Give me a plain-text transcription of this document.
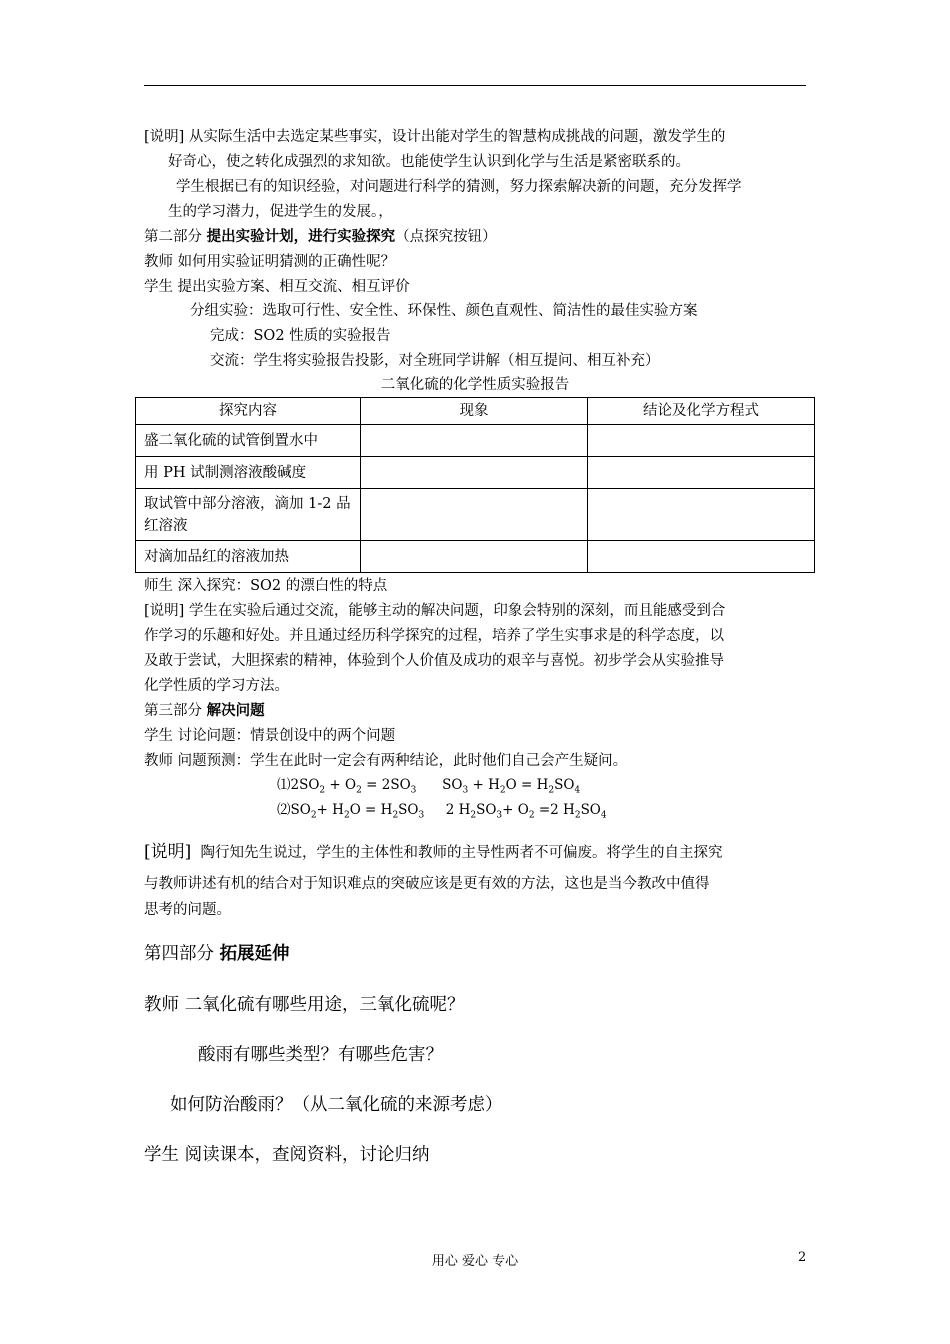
[说明] 从实际生活中去选定某些事实，设计出能对学生的智慧构成挑战的问题，激发学生的
好奇心，使之转化成强烈的求知欲。也能使学生认识到化学与生活是紧密联系的。
学生根据已有的知识经验，对问题进行科学的猜测，努力探索解决新的问题，充分发挥学
生的学习潜力，促进学生的发展。，
第二部分 提出实验计划，进行实验探究（点探究按钮）
教师 如何用实验证明猜测的正确性呢？
学生 提出实验方案、相互交流、相互评价
分组实验：选取可行性、安全性、环保性、颜色直观性、简洁性的最佳实验方案
完成：SO2 性质的实验报告
交流：学生将实验报告投影，对全班同学讲解（相互提问、相互补充）
二氧化硫的化学性质实验报告
探究内容	现象	结论及化学方程式
盛二氧化硫的试管倒置水中		
用 PH 试制测溶液酸碱度		
取试管中部分溶液，滴加 1-2 品红溶液		
对滴加品红的溶液加热		
师生 深入探究：SO2 的漂白性的特点
[说明] 学生在实验后通过交流，能够主动的解决问题，印象会特别的深刻，而且能感受到合
作学习的乐趣和好处。并且通过经历科学探究的过程，培养了学生实事求是的科学态度，以
及敢于尝试，大胆探索的精神，体验到个人价值及成功的艰辛与喜悦。初步学会从实验推导
化学性质的学习方法。
第三部分 解决问题
学生 讨论问题：情景创设中的两个问题
教师 问题预测：学生在此时一定会有两种结论，此时他们自己会产生疑问。
$⑴2SO_2 + O_2 = 2SO_3$      $SO_3 + H_2O = H_2SO_4$
$⑵SO_2+ H_2O = H_2SO_3$     2 $H_2SO_3+ O_2 =2$ $H_2SO_4$
[说明] 陶行知先生说过，学生的主体性和教师的主导性两者不可偏废。将学生的自主探究
与教师讲述有机的结合对于知识难点的突破应该是更有效的方法，这也是当今教改中值得
思考的问题。
第四部分 拓展延伸
教师 二氧化硫有哪些用途，三氧化硫呢？
酸雨有哪些类型？有哪些危害？
如何防治酸雨？（从二氧化硫的来源考虑）
学生 阅读课本，查阅资料，讨论归纳
用心 爱心 专心	2
